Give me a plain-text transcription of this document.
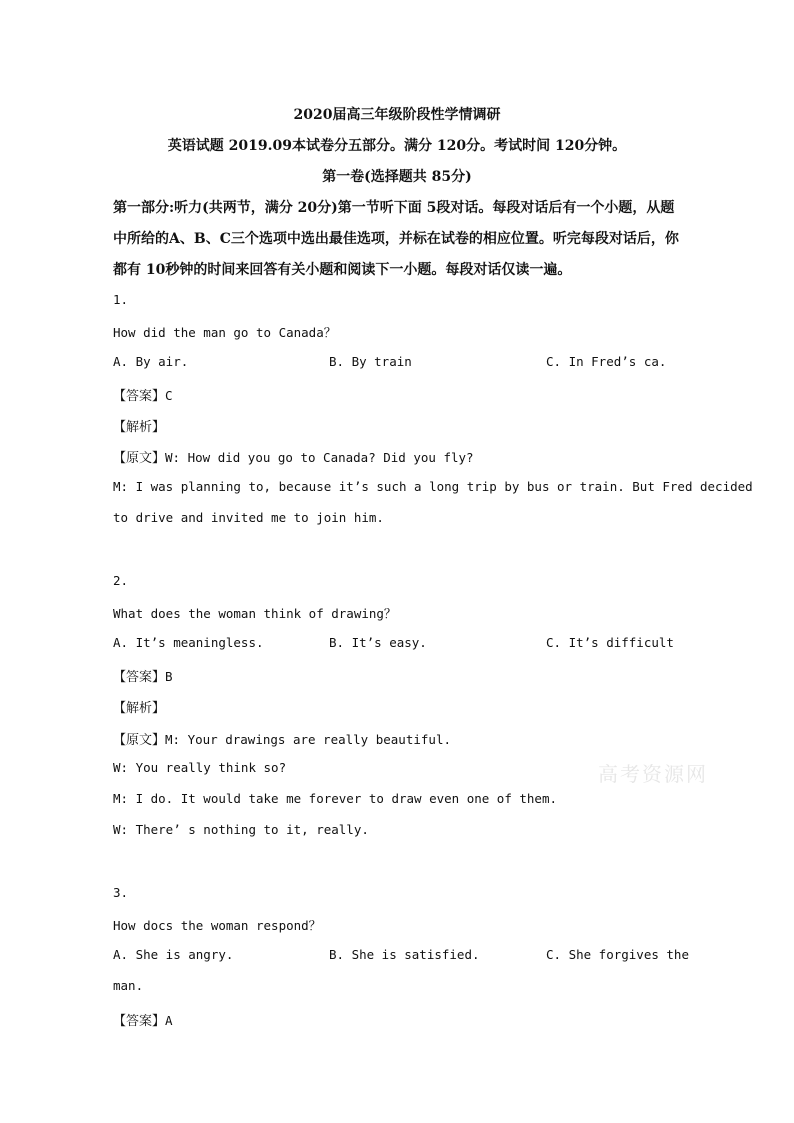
2020届高三年级阶段性学情调研
英语试题 2019.09本试卷分五部分。满分 120分。考试时间 120分钟。
第一卷(选择题共 85分)
第一部分:听力(共两节，满分 20分)第一节听下面 5段对话。每段对话后有一个小题，从题
中所给的A、B、C三个选项中选出最佳选项，并标在试卷的相应位置。听完每段对话后，你
都有 10秒钟的时间来回答有关小题和阅读下一小题。每段对话仅读一遍。
1.
How did the man go to Canada？
A. By air.	B. By train	C. In Fred’s ca.
【答案】C
【解析】
【原文】W: How did you go to Canada? Did you fly?
M: I was planning to, because it’s such a long trip by bus or train. But Fred decided
to drive and invited me to join him.
2.
What does the woman think of drawing？
A. It’s meaningless.	B. It’s easy.	C. It’s difficult
【答案】B
【解析】
【原文】M: Your drawings are really beautiful.
W: You really think so?
M: I do. It would take me forever to draw even one of them.
W: There’ s nothing to it, really.
3.
How docs the woman respond？
A. She is angry.	B. She is satisfied.	C. She forgives the
man.
【答案】A
高考资源网
